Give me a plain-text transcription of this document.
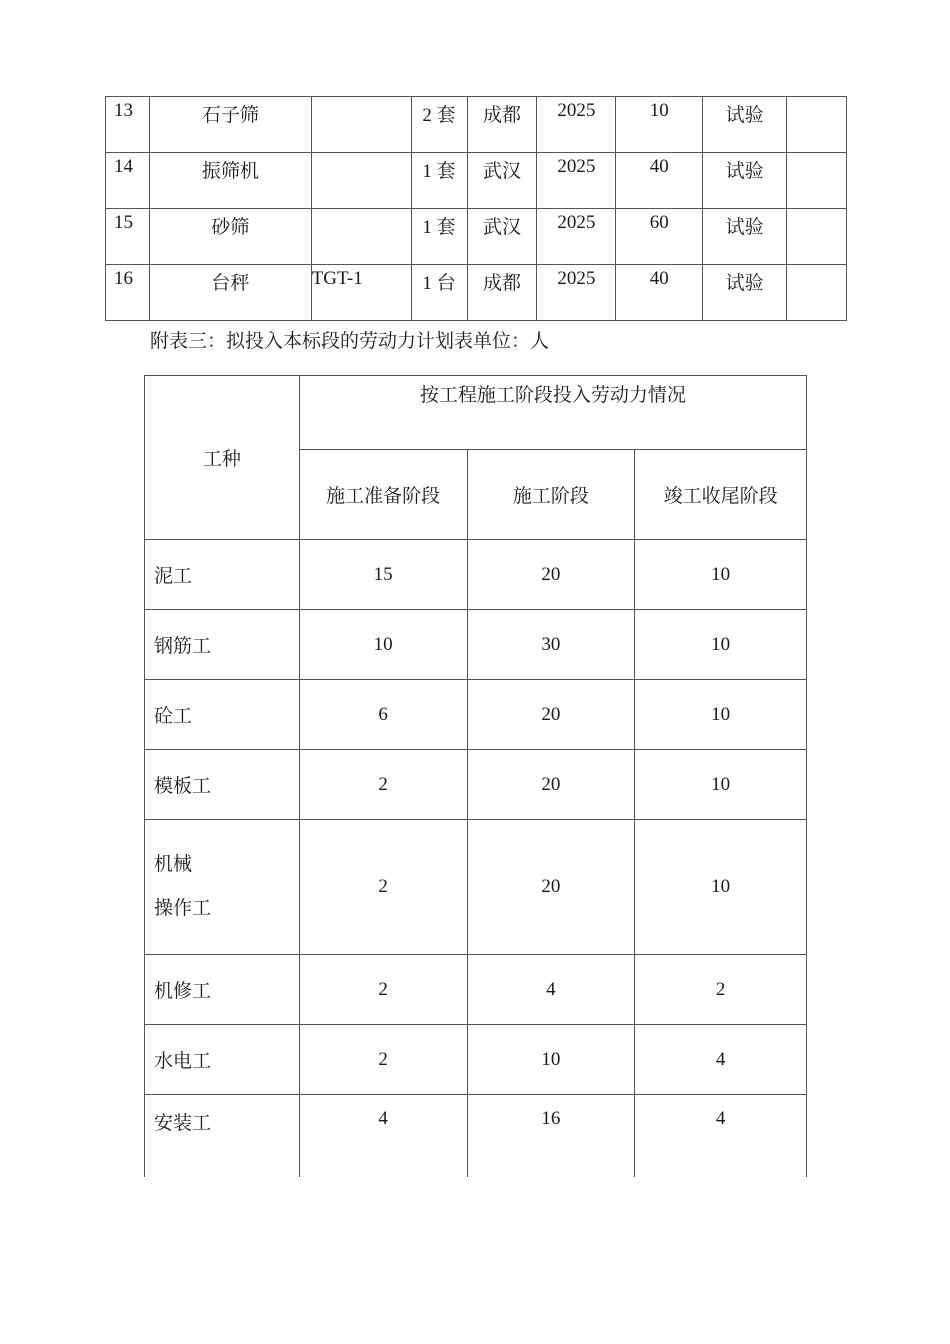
13	石子筛		2 套	成都	2025	10	试验	
14	振筛机		1 套	武汉	2025	40	试验	
15	砂筛		1 套	武汉	2025	60	试验	
16	台秤	TGT-1	1 台	成都	2025	40	试验	
附表三：拟投入本标段的劳动力计划表单位：人
工种	按工程施工阶段投入劳动力情况		
	施工准备阶段	施工阶段	竣工收尾阶段
泥工	15	20	10
钢筋工	10	30	10
砼工	6	20	10
模板工	2	20	10

机械
操作工	2	20	10
机修工	2	4	2
水电工	2	10	4
安装工	4	16	4
